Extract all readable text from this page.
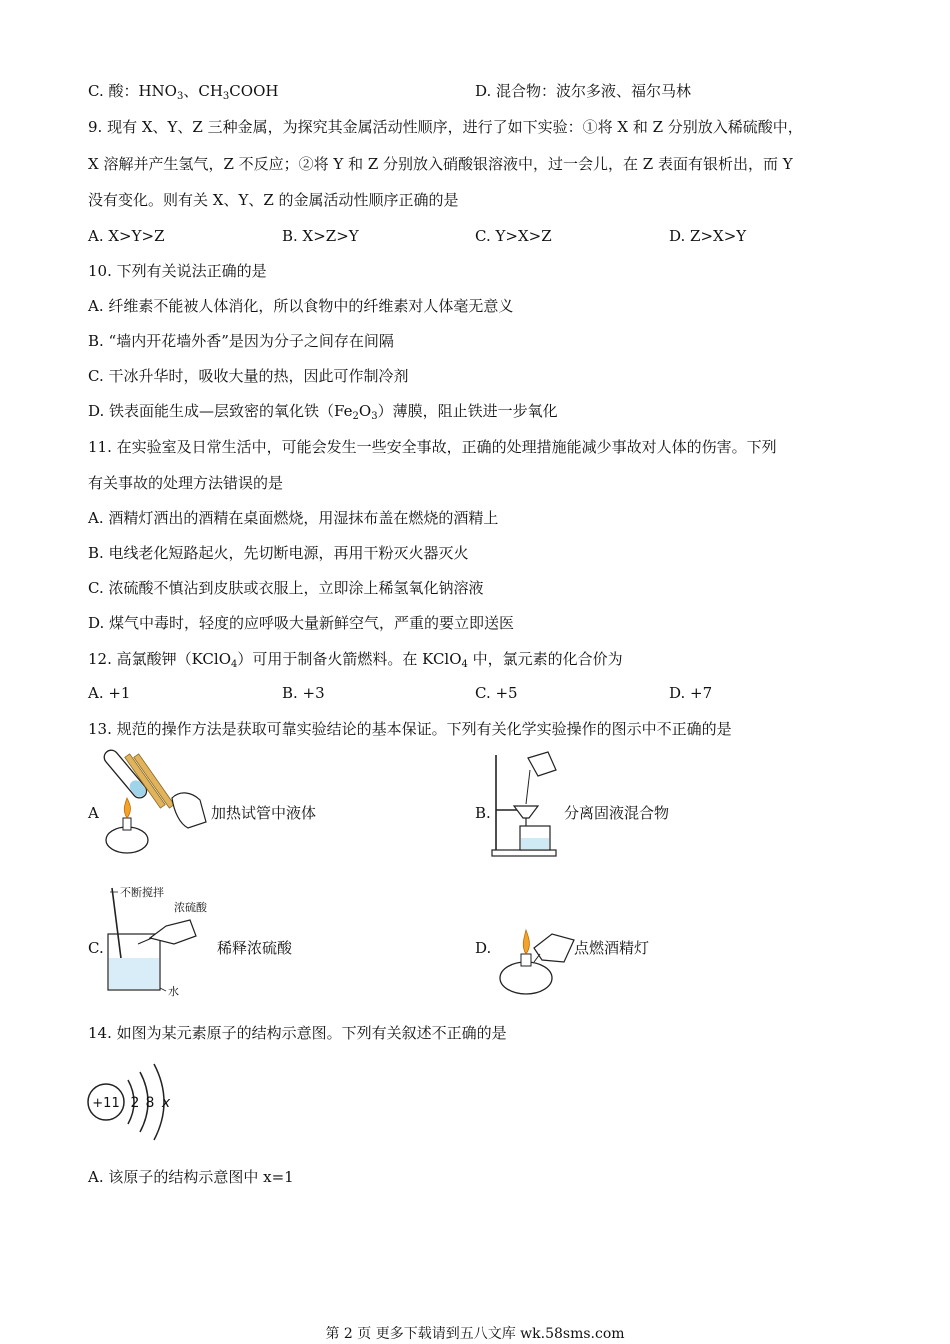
C. 酸：$HNO_3$、$CH_3COOH$	D. 混合物：波尔多液、福尔马林
9. 现有 X、Y、Z 三种金属，为探究其金属活动性顺序，进行了如下实验：①将 X 和 Z 分别放入稀硫酸中，
X 溶解并产生氢气，Z 不反应；②将 Y 和 Z 分别放入硝酸银溶液中，过一会儿，在 Z 表面有银析出，而 Y
没有变化。则有关 X、Y、Z 的金属活动性顺序正确的是
A. X>Y>Z	B. X>Z>Y	C. Y>X>Z	D. Z>X>Y
10. 下列有关说法正确的是
A. 纤维素不能被人体消化，所以食物中的纤维素对人体毫无意义
B. “墙内开花墙外香”是因为分子之间存在间隔
C. 干冰升华时，吸收大量的热，因此可作制冷剂
D. 铁表面能生成—层致密的氧化铁$(Fe_2O_3)$薄膜，阻止铁进一步氧化
11. 在实验室及日常生活中，可能会发生一些安全事故，正确的处理措施能减少事故对人体的伤害。下列
有关事故的处理方法错误的是
A. 酒精灯洒出的酒精在桌面燃烧，用湿抹布盖在燃烧的酒精上
B. 电线老化短路起火，先切断电源，再用干粉灭火器灭火
C. 浓硫酸不慎沾到皮肤或衣服上，立即涂上稀氢氧化钠溶液
D. 煤气中毒时，轻度的应呼吸大量新鲜空气，严重的要立即送医
12. 高氯酸钾（KClO$_4$）可用于制备火箭燃料。在 KClO$_4$ 中，氯元素的化合价为
A. +1	B. +3	C. +5	D. +7
13. 规范的操作方法是获取可靠实验结论的基本保证。下列有关化学实验操作的图示中不正确的是
A	加热试管中液体	B.	分离固液混合物
C.
不断搅拌
浓硫酸
水
稀释浓硫酸	D.	点燃酒精灯
14. 如图为某元素原子的结构示意图。下列有关叙述不正确的是
+11 2 8 x
A. 该原子的结构示意图中 x=1
第 2 页 更多下载请到五八文库 wk.58sms.com
